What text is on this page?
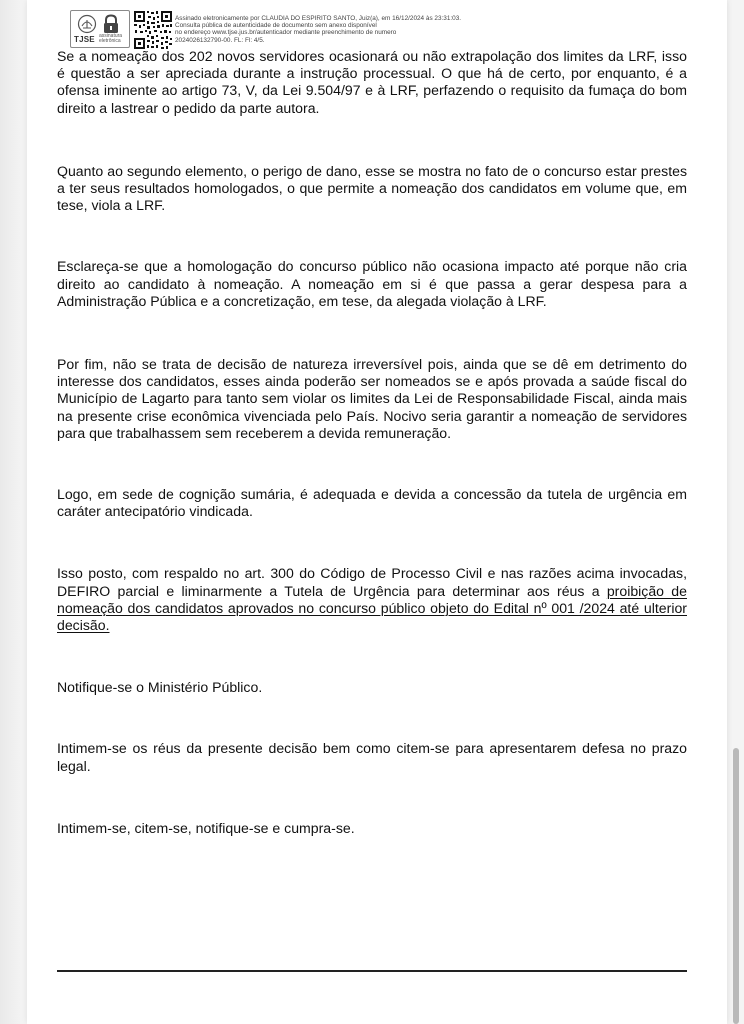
TJSE assinatura eletrônica
Assinado eletronicamente por CLAUDIA DO ESPIRITO SANTO, Juiz(a), em 16/12/2024 às 23:31:03.
Consulta pública de autenticidade de documento sem anexo disponível
no endereço www.tjse.jus.br/autenticador mediante preenchimento de numero
2024026132790-00. FL: Fl: 4/5.

Se a nomeação dos 202 novos servidores ocasionará ou não extrapolação dos limites da LRF, isso é questão a ser apreciada durante a instrução processual. O que há de certo, por enquanto, é a ofensa iminente ao artigo 73, V, da Lei 9.504/97 e à LRF, perfazendo o requisito da fumaça do bom direito a lastrear o pedido da parte autora.

Quanto ao segundo elemento, o perigo de dano, esse se mostra no fato de o concurso estar prestes a ter seus resultados homologados, o que permite a nomeação dos candidatos em volume que, em tese, viola a LRF.

Esclareça-se que a homologação do concurso público não ocasiona impacto até porque não cria direito ao candidato à nomeação. A nomeação em si é que passa a gerar despesa para a Administração Pública e a concretização, em tese, da alegada violação à LRF.

Por fim, não se trata de decisão de natureza irreversível pois, ainda que se dê em detrimento do interesse dos candidatos, esses ainda poderão ser nomeados se e após provada a saúde fiscal do Município de Lagarto para tanto sem violar os limites da Lei de Responsabilidade Fiscal, ainda mais na presente crise econômica vivenciada pelo País. Nocivo seria garantir a nomeação de servidores para que trabalhassem sem receberem a devida remuneração.

Logo, em sede de cognição sumária, é adequada e devida a concessão da tutela de urgência em caráter antecipatório vindicada.

Isso posto, com respaldo no art. 300 do Código de Processo Civil e nas razões acima invocadas, DEFIRO parcial e liminarmente a Tutela de Urgência para determinar aos réus a proibição de nomeação dos candidatos aprovados no concurso público objeto do Edital nº 001 /2024 até ulterior decisão.

Notifique-se o Ministério Público.

Intimem-se os réus da presente decisão bem como citem-se para apresentarem defesa no prazo legal.

Intimem-se, citem-se, notifique-se e cumpra-se.
